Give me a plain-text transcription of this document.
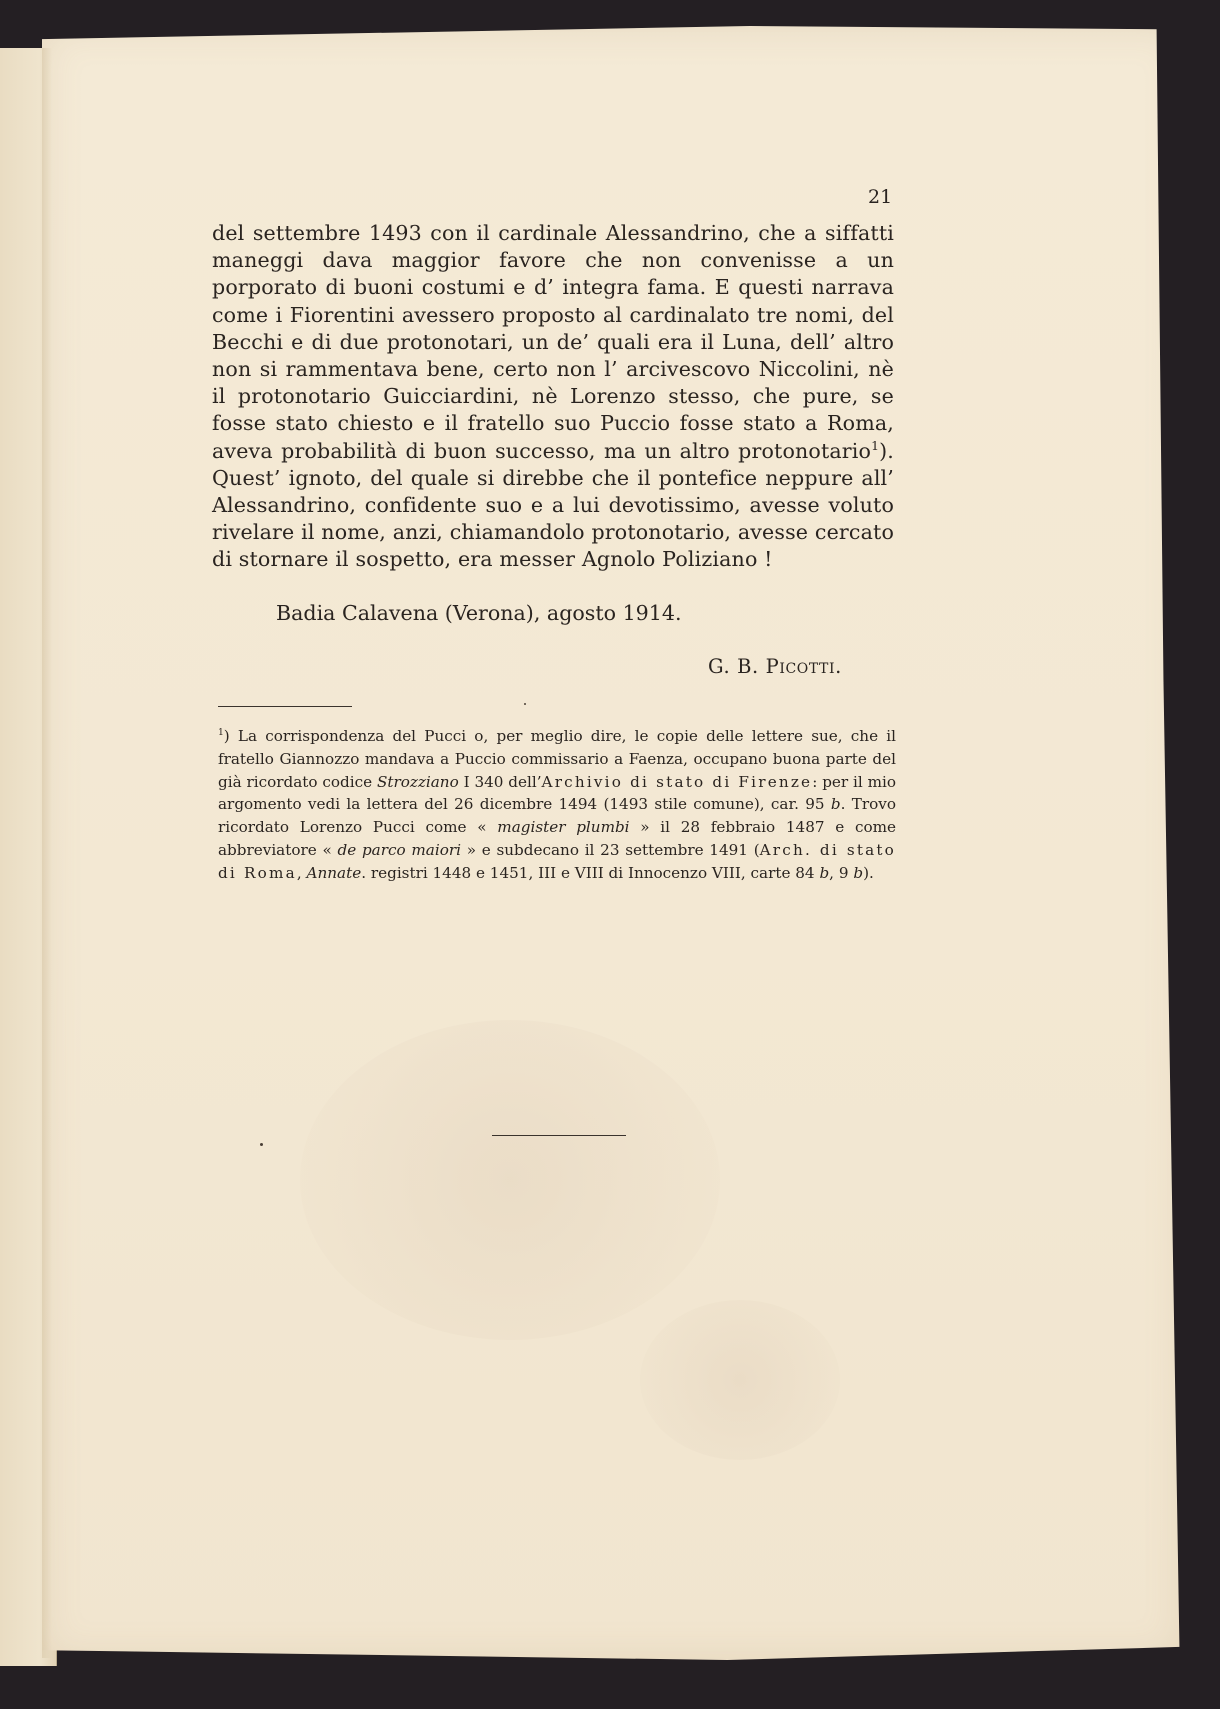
21

del settembre 1493 con il cardinale Alessandrino, che a siffatti maneggi dava maggior favore che non convenisse a un porporato di buoni costumi e d’ integra fama. E questi narrava come i Fiorentini avessero proposto al cardinalato tre nomi, del Becchi e di due protonotari, un de’ quali era il Luna, dell’ altro non si rammentava bene, certo non l’ arcivescovo Niccolini, nè il protonotario Guicciardini, nè Lorenzo stesso, che pure, se fosse stato chiesto e il fratello suo Puccio fosse stato a Roma, aveva probabilità di buon successo, ma un altro protonotario$^1$). Quest’ ignoto, del quale si direbbe che il pontefice neppure all’ Alessandrino, confidente suo e a lui devotissimo, avesse voluto rivelare il nome, anzi, chiamandolo protonotario, avesse cercato di stornare il sospetto, era messer Agnolo Poliziano !

Badia Calavena (Verona), agosto 1914.
G. B. Picotti.

$^1$) La corrispondenza del Pucci o, per meglio dire, le copie delle lettere sue, che il fratello Giannozzo mandava a Puccio commissario a Faenza, occupano buona parte del già ricordato codice Strozziano I 340 dell’Archivio di stato di Firenze: per il mio argomento vedi la lettera del 26 dicembre 1494 (1493 stile comune), car. 95 b. Trovo ricordato Lorenzo Pucci come « magister plumbi » il 28 febbraio 1487 e come abbreviatore « de parco maiori » e subdecano il 23 settembre 1491 (Arch. di stato di Roma, Annate. registri 1448 e 1451, III e VIII di Innocenzo VIII, carte 84 b, 9 b).
